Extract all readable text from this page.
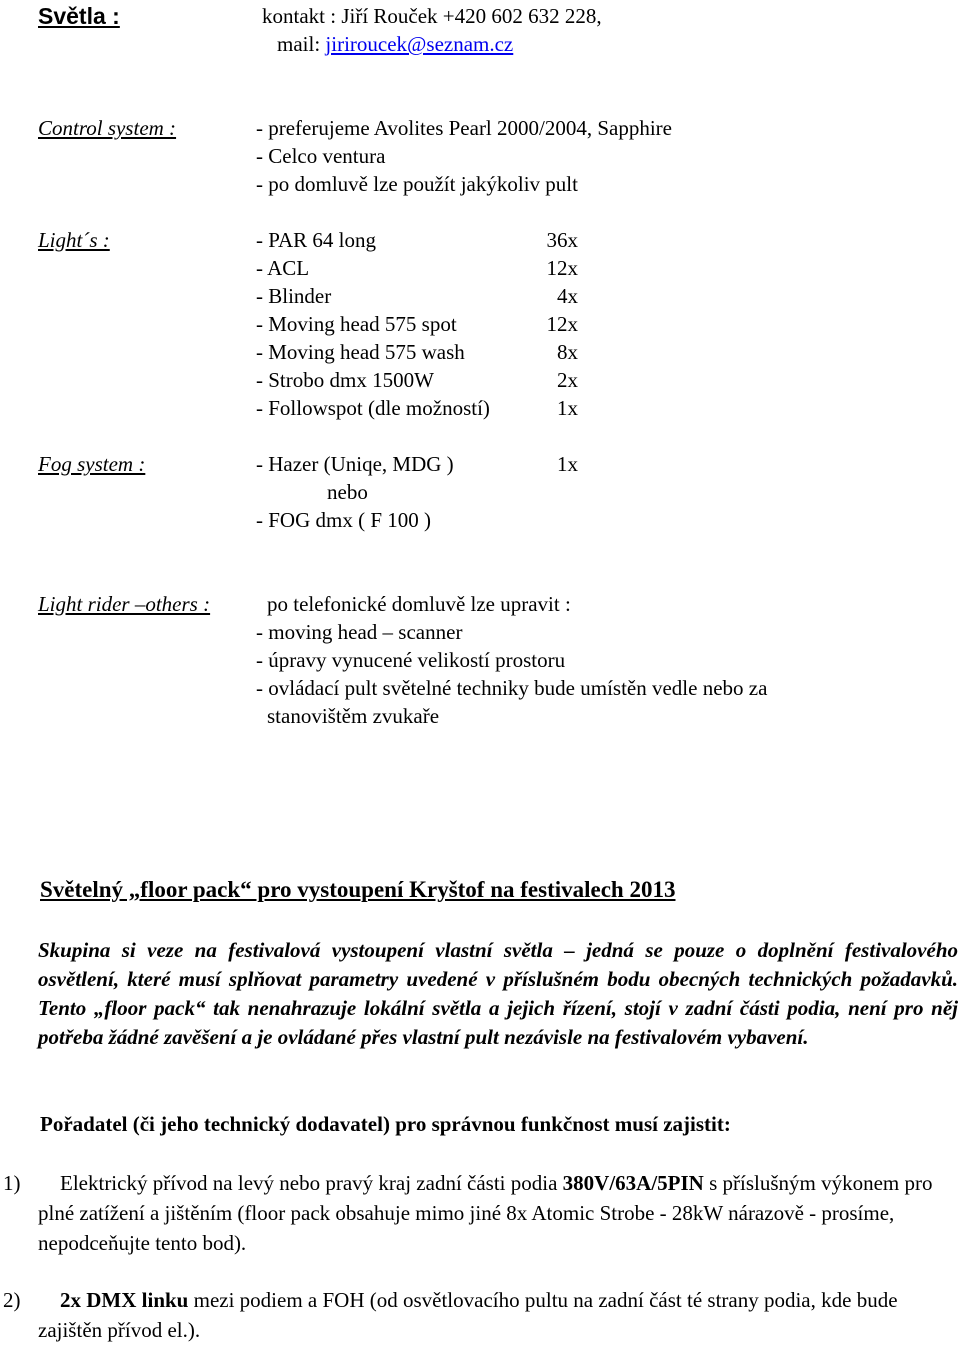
Světla :	kontakt : Jiří Rouček +420 602 632 228,
mail: jiriroucek@seznam.cz
Control system :	- preferujeme Avolites Pearl 2000/2004, Sapphire
- Celco ventura
- po domluvě lze použít jakýkoliv pult
Light´s :	- PAR 64 long	36x
- ACL	12x
- Blinder	4x
- Moving head 575 spot	12x
- Moving head 575 wash	8x
- Strobo dmx 1500W	2x
- Followspot (dle možností)	1x
Fog system :	- Hazer (Uniqe, MDG )	1x
nebo
- FOG dmx ( F 100 )
Light rider –others :	po telefonické domluvě lze upravit :
- moving head – scanner
- úpravy vynucené velikostí prostoru
- ovládací pult světelné techniky bude umístěn vedle nebo za
stanovištěm zvukaře
Světelný „floor pack“ pro vystoupení Kryštof na festivalech 2013
Skupina si veze na festivalová vystoupení vlastní světla – jedná se pouze o doplnění festivalového osvětlení, které musí splňovat parametry uvedené v příslušném bodu obecných technických požadavků. Tento „floor pack“ tak nenahrazuje lokální světla a jejich řízení, stojí v zadní části podia, není pro něj potřeba žádné zavěšení a je ovládané přes vlastní pult nezávisle na festivalovém vybavení.
Pořadatel (či jeho technický dodavatel) pro správnou funkčnost musí zajistit:
1)	Elektrický přívod na levý nebo pravý kraj zadní části podia 380V/63A/5PIN s příslušným výkonem pro plné zatížení a jištěním (floor pack obsahuje mimo jiné 8x Atomic Strobe - 28kW nárazově - prosíme, nepodceňujte tento bod).
2)	2x DMX linku mezi podiem a FOH (od osvětlovacího pultu na zadní část té strany podia, kde bude zajištěn přívod el.).
